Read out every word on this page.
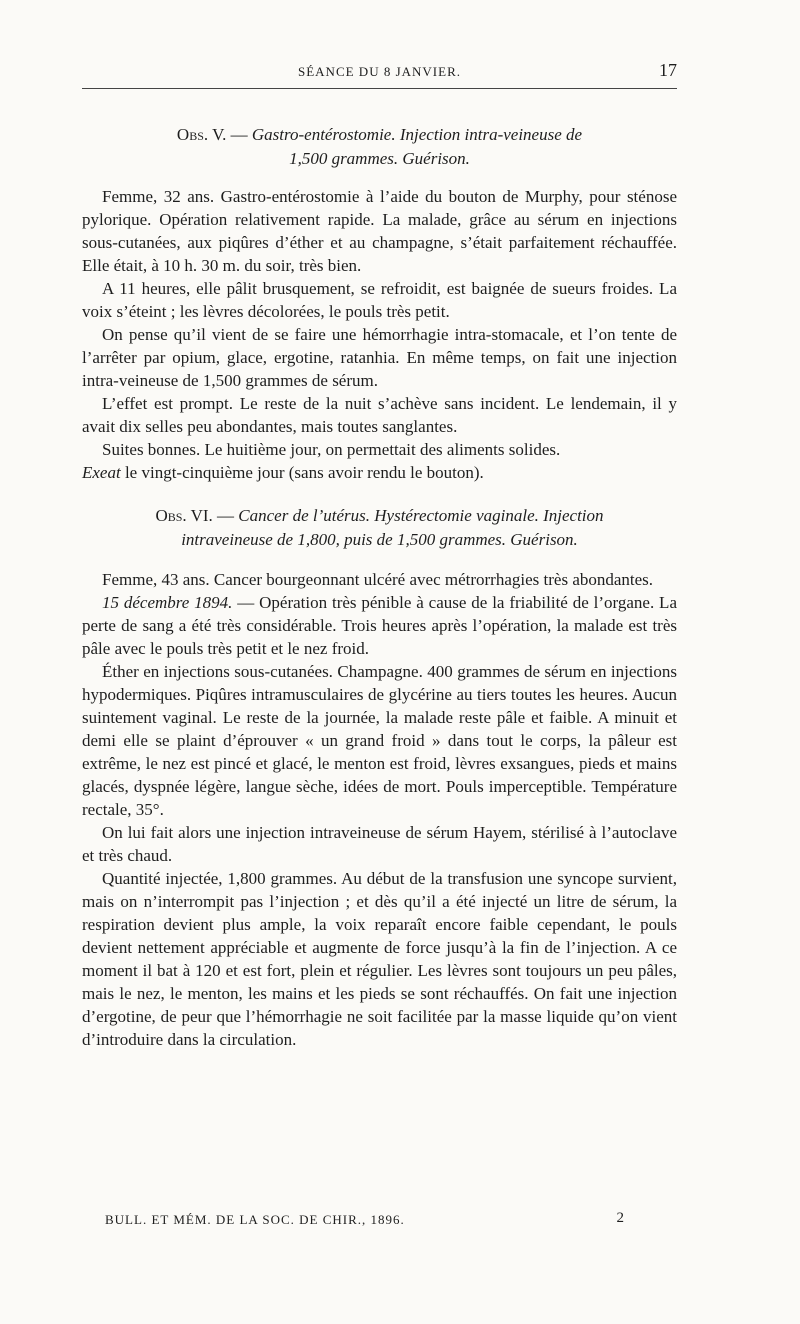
SÉANCE DU 8 JANVIER.	17
Obs. V. — Gastro-entérostomie. Injection intra-veineuse de
1,500 grammes. Guérison.

Femme, 32 ans. Gastro-entérostomie à l’aide du bouton de Murphy, pour sténose pylorique. Opération relativement rapide. La malade, grâce au sérum en injections sous-cutanées, aux piqûres d’éther et au champagne, s’était parfaitement réchauffée. Elle était, à 10 h. 30 m. du soir, très bien.

A 11 heures, elle pâlit brusquement, se refroidit, est baignée de sueurs froides. La voix s’éteint ; les lèvres décolorées, le pouls très petit.

On pense qu’il vient de se faire une hémorrhagie intra-stomacale, et l’on tente de l’arrêter par opium, glace, ergotine, ratanhia. En même temps, on fait une injection intra-veineuse de 1,500 grammes de sérum.

L’effet est prompt. Le reste de la nuit s’achève sans incident. Le lendemain, il y avait dix selles peu abondantes, mais toutes sanglantes.

Suites bonnes. Le huitième jour, on permettait des aliments solides.

Exeat le vingt-cinquième jour (sans avoir rendu le bouton).

Obs. VI. — Cancer de l’utérus. Hystérectomie vaginale. Injection
intraveineuse de 1,800, puis de 1,500 grammes. Guérison.

Femme, 43 ans. Cancer bourgeonnant ulcéré avec métrorrhagies très abondantes.

15 décembre 1894. — Opération très pénible à cause de la friabilité de l’organe. La perte de sang a été très considérable. Trois heures après l’opération, la malade est très pâle avec le pouls très petit et le nez froid.

Éther en injections sous-cutanées. Champagne. 400 grammes de sérum en injections hypodermiques. Piqûres intramusculaires de glycérine au tiers toutes les heures. Aucun suintement vaginal. Le reste de la journée, la malade reste pâle et faible. A minuit et demi elle se plaint d’éprouver « un grand froid » dans tout le corps, la pâleur est extrême, le nez est pincé et glacé, le menton est froid, lèvres exsangues, pieds et mains glacés, dyspnée légère, langue sèche, idées de mort. Pouls imperceptible. Température rectale, 35°.

On lui fait alors une injection intraveineuse de sérum Hayem, stérilisé à l’autoclave et très chaud.

Quantité injectée, 1,800 grammes. Au début de la transfusion une syncope survient, mais on n’interrompit pas l’injection ; et dès qu’il a été injecté un litre de sérum, la respiration devient plus ample, la voix reparaît encore faible cependant, le pouls devient nettement appréciable et augmente de force jusqu’à la fin de l’injection. A ce moment il bat à 120 et est fort, plein et régulier. Les lèvres sont toujours un peu pâles, mais le nez, le menton, les mains et les pieds se sont réchauffés. On fait une injection d’ergotine, de peur que l’hémorrhagie ne soit facilitée par la masse liquide qu’on vient d’introduire dans la circulation.

BULL. ET MÉM. DE LA SOC. DE CHIR., 1896.	2
